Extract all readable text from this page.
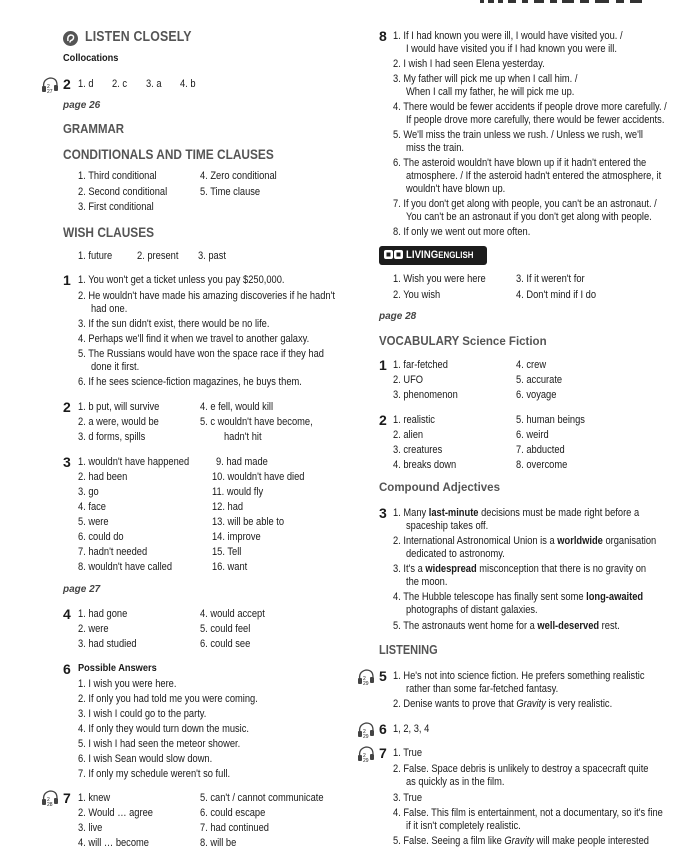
LISTEN CLOSELY
Collocations
2
27 2 1. d 2. c 3. a 4. b
page 26
GRAMMAR
CONDITIONALS AND TIME CLAUSES
1. Third conditional
2. Second conditional
3. First conditional
4. Zero conditional
5. Time clause
WISH CLAUSES
1. future 2. present 3. past
1 1. You won't get a ticket unless you pay $250,000.
2. He wouldn't have made his amazing discoveries if he hadn't
had one.
3. If the sun didn't exist, there would be no life.
4. Perhaps we'll find it when we travel to another galaxy.
5. The Russians would have won the space race if they had
done it first.
6. If he sees science-fiction magazines, he buys them.
2 1. b put, will survive
2. a were, would be
3. d forms, spills
4. e fell, would kill
5. c wouldn't have become,
hadn't hit
3 1. wouldn't have happened
2. had been
3. go
4. face
5. were
6. could do
7. hadn't needed
8. wouldn't have called
9. had made
10. wouldn't have died
11. would fly
12. had
13. will be able to
14. improve
15. Tell
16. want
page 27
4 1. had gone
2. were
3. had studied
4. would accept
5. could feel
6. could see
6 Possible Answers
1. I wish you were here.
2. If only you had told me you were coming.
3. I wish I could go to the party.
4. If only they would turn down the music.
5. I wish I had seen the meteor shower.
6. I wish Sean would slow down.
7. If only my schedule weren't so full.
2
28 7 1. knew
2. Would … agree
3. live
4. will … become
5. can't / cannot communicate
6. could escape
7. had continued
8. will be
8 1. If I had known you were ill, I would have visited you. /
I would have visited you if I had known you were ill.
2. I wish I had seen Elena yesterday.
3. My father will pick me up when I call him. /
When I call my father, he will pick me up.
4. There would be fewer accidents if people drove more carefully. /
If people drove more carefully, there would be fewer accidents.
5. We'll miss the train unless we rush. / Unless we rush, we'll
miss the train.
6. The asteroid wouldn't have blown up if it hadn't entered the
atmosphere. / If the asteroid hadn't entered the atmosphere, it
wouldn't have blown up.
7. If you don't get along with people, you can't be an astronaut. /
You can't be an astronaut if you don't get along with people.
8. If only we went out more often.
LIVINGENGLISH
1. Wish you were here
2. You wish
3. If it weren't for
4. Don't mind if I do
page 28
VOCABULARY Science Fiction
1 1. far-fetched
2. UFO
3. phenomenon
4. crew
5. accurate
6. voyage
2 1. realistic
2. alien
3. creatures
4. breaks down
5. human beings
6. weird
7. abducted
8. overcome
Compound Adjectives
3 1. Many last-minute decisions must be made right before a
spaceship takes off.
2. International Astronomical Union is a worldwide organisation
dedicated to astronomy.
3. It's a widespread misconception that there is no gravity on
the moon.
4. The Hubble telescope has finally sent some long-awaited
photographs of distant galaxies.
5. The astronauts went home for a well-deserved rest.
LISTENING
2
29 5 1. He's not into science fiction. He prefers something realistic
rather than some far-fetched fantasy.
2. Denise wants to prove that Gravity is very realistic.
2
29 6 1, 2, 3, 4
2
29 7 1. True
2. False. Space debris is unlikely to destroy a spacecraft quite
as quickly as in the film.
3. True
4. False. This film is entertainment, not a documentary, so it's fine
if it isn't completely realistic.
5. False. Seeing a film like Gravity will make people interested
